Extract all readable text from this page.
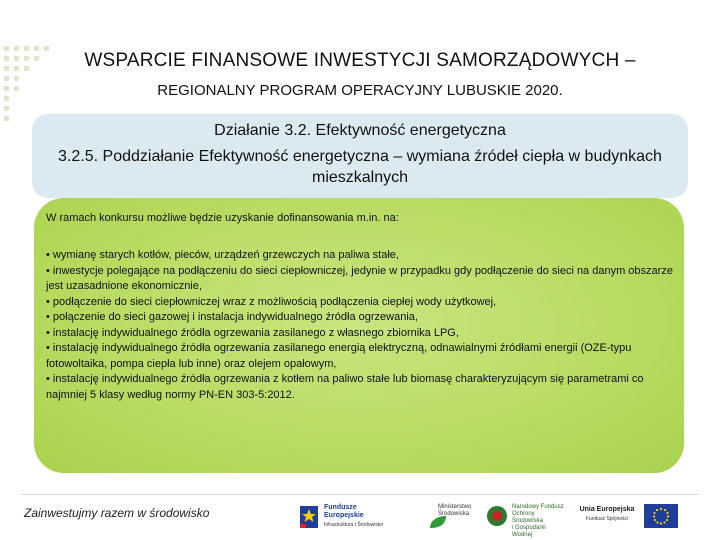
WSPARCIE FINANSOWE INWESTYCJI SAMORZĄDOWYCH –
REGIONALNY PROGRAM OPERACYJNY LUBUSKIE 2020.
Działanie 3.2. Efektywność energetyczna
3.2.5. Poddziałanie Efektywność energetyczna – wymiana źródeł ciepła w budynkach mieszkalnych
W ramach konkursu możliwe będzie uzyskanie dofinansowania m.in. na:
• wymianę starych kotłów, pieców, urządzeń grzewczych na paliwa stałe,
• inwestycje polegające na podłączeniu do sieci ciepłowniczej, jedynie w przypadku gdy podłączenie do sieci na danym obszarze jest uzasadnione ekonomicznie,
• podłączenie do sieci ciepłowniczej wraz z możliwością podłączenia ciepłej wody użytkowej,
• połączenie do sieci gazowej i instalacja indywidualnego źródła ogrzewania,
• instalację indywidualnego źródła ogrzewania zasilanego z własnego zbiornika LPG,
• instalację indywidualnego źródła ogrzewania zasilanego energią elektryczną, odnawialnymi źródłami energii (OZE-typu fotowoltaika, pompa ciepła lub inne) oraz olejem opałowym,
• instalację indywidualnego źródła ogrzewania z kotłem na paliwo stałe lub biomasę charakteryzującym się parametrami co najmniej 5 klasy według normy PN-EN 303-5:2012.
Zainwestujmy razem w środowisko	Fundusze
Europejskie
Infrastruktura i Środowisko
Ministerstwo
Środowiska
Narodowy Fundusz
Ochrony Środowiska
i Gospodarki Wodnej
Unia Europejska
Fundusz Spójności
